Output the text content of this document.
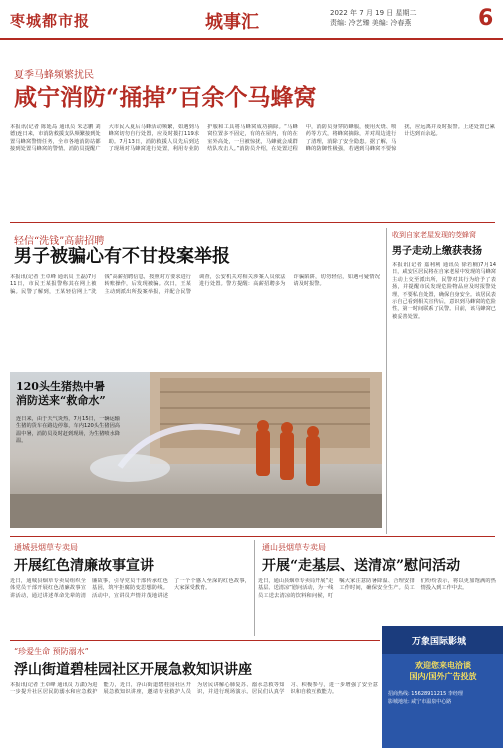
枣城都市报	城事汇	2022 年 7 月 19 日 星期二
责编: 冷艺臻 美编: 冷春燕	6
夏季马蜂频繁扰民
咸宁消防“捅掉”百余个马蜂窝
本报讯(记者 陈延岛 通讯员 朱志鹏 刘德)连日来，市消防救援支队频繁接到处置马蜂窝警情任务，全市各地消防站都接到处置马蜂窝的警情。消防员提醒广大市民入夏后马蜂活动频繁，如遇到马蜂窝切勿自行处置，应及时拨打119求助。7月13日，消防救援人员先后到达了现场对马蜂窝进行处置，利用专业防护服和工具将马蜂窝成功摘除。“马蜂窝位置多不固定，有的在屋内，有的在室外高处，一旦被惊扰，马蜂就会成群结队攻击人。”消防员介绍，在处置过程中，消防员身穿防蜂服，使用火烧、喷药等方式，将蜂窝摘除，并对周边进行了清理，消除了安全隐患。据了解，马蜂的防御性极强，若遇到马蜂窝不要惊扰，应远离并及时报警。上述处置已累计达到百余起。
轻信“洗钱”高薪招聘
男子被骗心有不甘投案举报
本报讯(记者 王卓峰 通讯员 王磊)7月11日，市民王某报警称其在网上被骗。民警了解到，王某轻信网上“洗钱”高薪招聘信息，按照对方要求进行转账操作，后发现被骗。次日，王某主动到派出所投案举报，并配合民警调查，公安机关对相关涉案人员依法进行处置。警方提醒：高薪招聘多为诈骗陷阱，切勿轻信，如遇可疑情况请及时报警。
收到自家老屋发现的茭蜂窝
男子走动上缴获表扬
本报讯(记者 嘉利利 通讯员 徐若楠)7月14日，咸安区居民将在自家老屋中发现的马蜂窝主动上交至派出所，民警对其行为给予了表扬，并提醒市民发现危险物品应及时报警处理，不要私自处置，确保自身安全。该居民表示自己看到相关宣传后，意识到马蜂窝的危险性，第一时间联系了民警。目前，该马蜂窝已被妥善处置。
120头生猪热中暑
消防送来“救命水”
连日来，由于天气炎热，7月15日，一辆运输生猪的货车在路边停靠，车内120头生猪因高温中暑，消防员及时赶到现场，为生猪喷水降温。
通城县烟草专卖局
开展红色清廉故事宣讲
近日，通城县烟草专卖局组织全体党员干部开展红色清廉故事宣讲活动，通过讲述革命先辈的清廉故事，引导党员干部传承红色基因，筑牢拒腐防变思想防线。活动中，宣讲员声情并茂地讲述了一个个感人至深的红色故事，大家深受教育。
通山县烟草专卖局
开展“走基层、送清凉”慰问活动
近日，通山县烟草专卖局开展“走基层、送清凉”慰问活动，为一线员工送去清凉的饮料和问候，叮嘱大家注意防暑降温、合理安排工作时间，确保安全生产。员工们纷纷表示，将以更加饱满的热情投入到工作中去。
“珍爱生命 预防溺水”
浮山街道碧桂园社区开展急救知识讲座
本报讯(记者 王卓峰 通讯员 万潇)为进一步提升社区居民防溺水和应急救护能力，近日，浮山街道碧桂园社区开展急救知识讲座，邀请专业救护人员为居民讲解心肺复苏、溺水急救等知识，并进行现场演示。居民们认真学习、积极参与，进一步增强了安全意识和自救互救能力。
万象国际影城
欢迎您来电洽谈
国内/国外广告投放
招商热线: 15628911215 李经理
影城地址: 咸宁市温泉中心路
